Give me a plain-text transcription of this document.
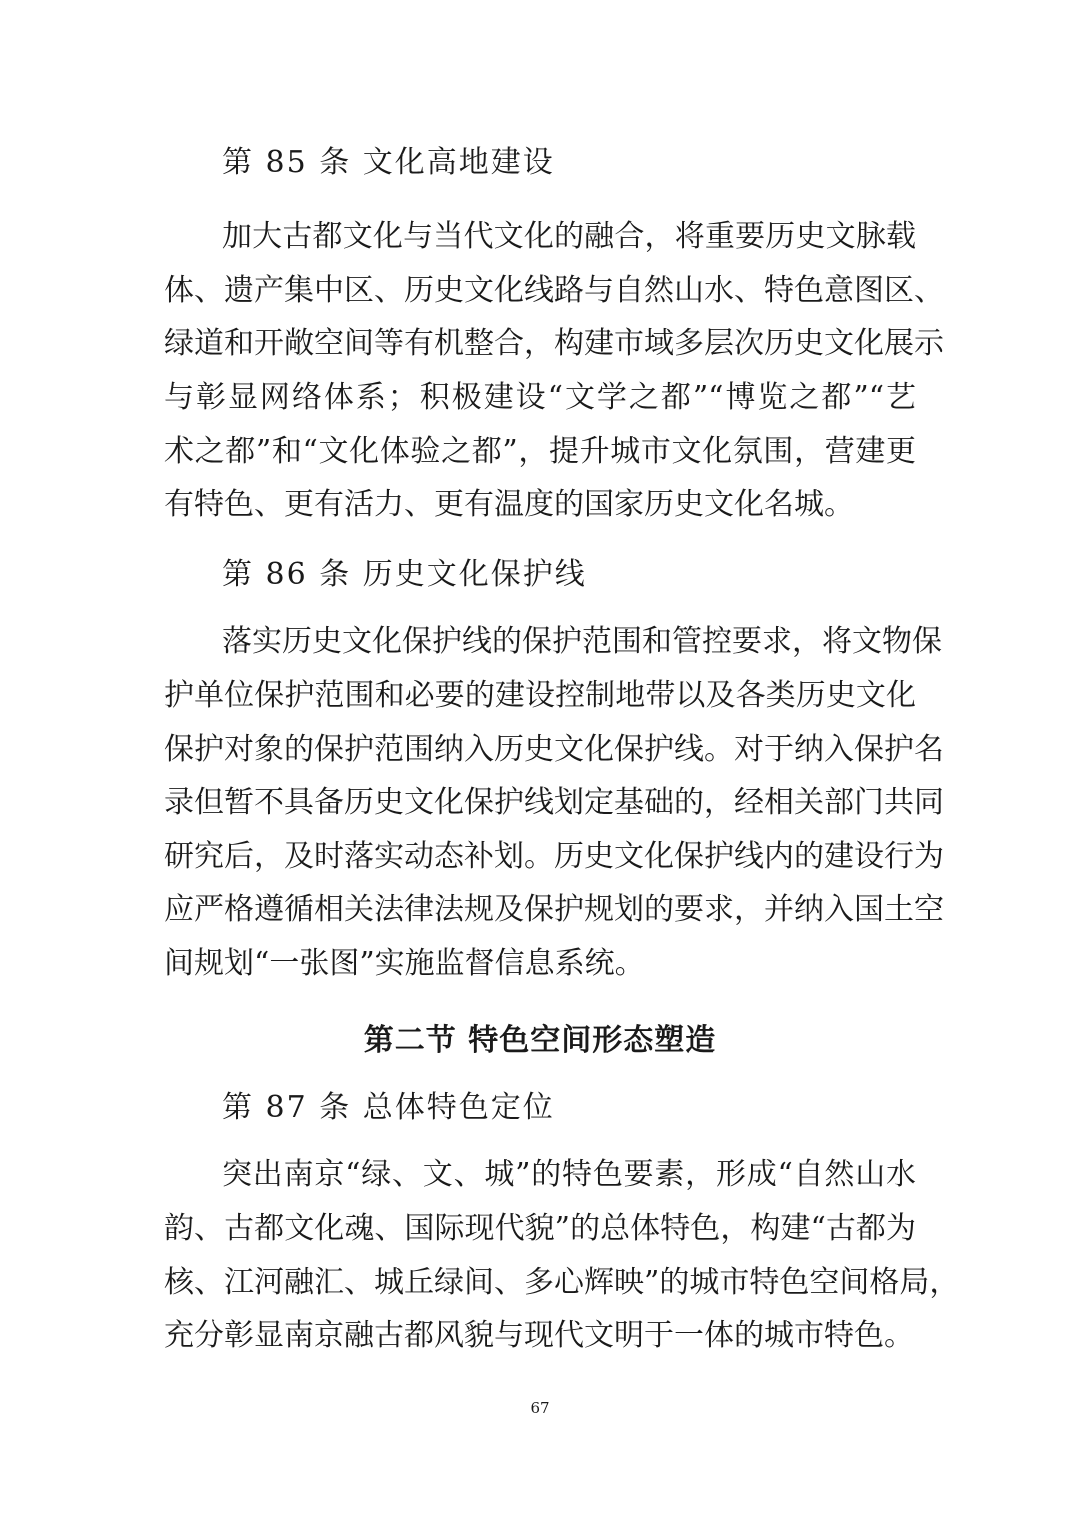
第 85 条 文化高地建设
加大古都文化与当代文化的融合，将重要历史文脉载
体、遗产集中区、历史文化线路与自然山水、特色意图区、
绿道和开敞空间等有机整合，构建市域多层次历史文化展示
与彰显网络体系；积极建设“文学之都”“博览之都”“艺
术之都”和“文化体验之都”，提升城市文化氛围，营建更
有特色、更有活力、更有温度的国家历史文化名城。
第 86 条 历史文化保护线
落实历史文化保护线的保护范围和管控要求，将文物保
护单位保护范围和必要的建设控制地带以及各类历史文化
保护对象的保护范围纳入历史文化保护线。对于纳入保护名
录但暂不具备历史文化保护线划定基础的，经相关部门共同
研究后，及时落实动态补划。历史文化保护线内的建设行为
应严格遵循相关法律法规及保护规划的要求，并纳入国土空
间规划“一张图”实施监督信息系统。
第二节 特色空间形态塑造
第 87 条 总体特色定位
突出南京“绿、文、城”的特色要素，形成“自然山水
韵、古都文化魂、国际现代貌”的总体特色，构建“古都为
核、江河融汇、城丘绿间、多心辉映”的城市特色空间格局，
充分彰显南京融古都风貌与现代文明于一体的城市特色。
67
